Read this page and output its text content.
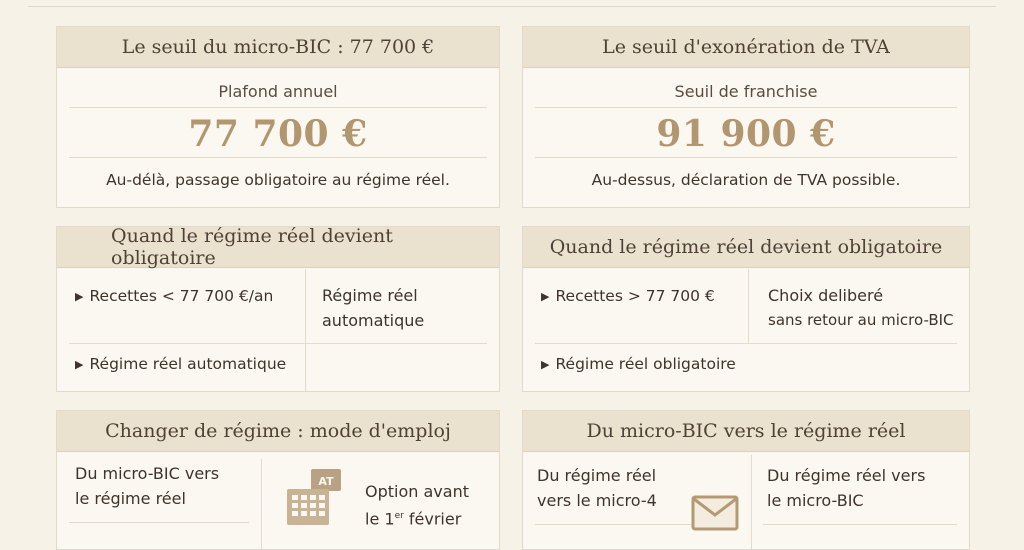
Le seuil du micro-BIC : 77 700 €
Plafond annuel
77 700 €
Au-délà, passage obligatoire au régime réel.
Le seuil d'exonération de TVA
Seuil de franchise
91 900 €
Au-dessus, déclaration de TVA possible.
Quand le régime réel devient obligatoire
▶ Recettes < 77 700 €/an	Régime réel
automatique
▶ Régime réel automatique
Quand le régime réel devient obligatoire
▶ Recettes > 77 700 €	Choix deliberé
sans retour au micro-BIC
▶ Régime réel obligatoire
Changer de régime : mode d'emploj
Du micro-BIC vers
le régime réel
AT
Option avant
le 1er février
Du micro-BIC vers le régime réel
Du régime réel
vers le micro-4
Du régime réel vers
le micro-BIC
